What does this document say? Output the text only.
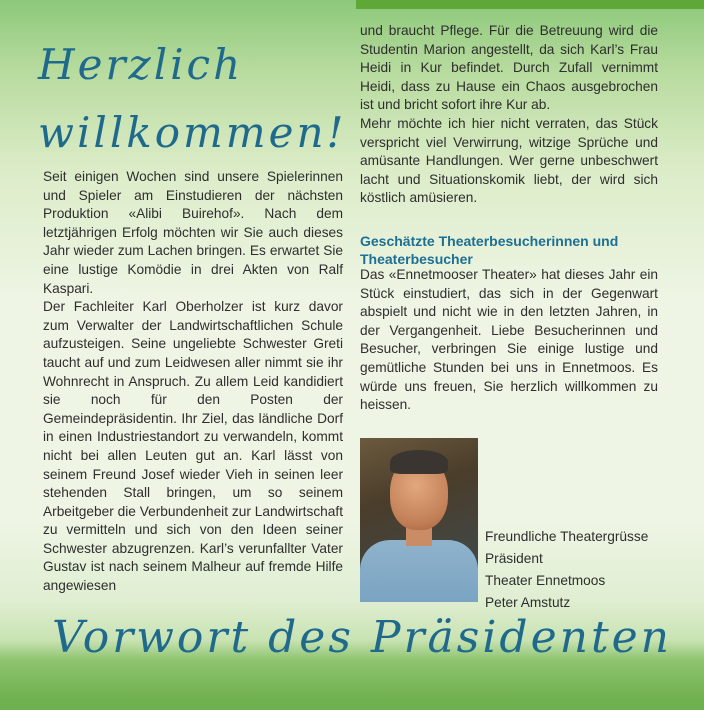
Herzlich
willkommen!

Seit einigen Wochen sind unsere Spielerinnen und Spieler am Einstudieren der nächsten Produktion «Alibi Buirehof». Nach dem letztjährigen Erfolg möchten wir Sie auch dieses Jahr wieder zum Lachen bringen. Es erwartet Sie eine lustige Komödie in drei Akten von Ralf Kaspari.

Der Fachleiter Karl Oberholzer ist kurz davor zum Verwalter der Landwirtschaftlichen Schule aufzusteigen. Seine ungeliebte Schwester Greti taucht auf und zum Leidwesen aller nimmt sie ihr Wohnrecht in Anspruch. Zu allem Leid kandidiert sie noch für den Posten der Gemeindepräsidentin. Ihr Ziel, das ländliche Dorf in einen Industriestandort zu verwandeln, kommt nicht bei allen Leuten gut an. Karl lässt von seinem Freund Josef wieder Vieh in seinen leer stehenden Stall bringen, um so seinem Arbeitgeber die Verbundenheit zur Landwirtschaft zu vermitteln und sich von den Ideen seiner Schwester abzugrenzen. Karl’s verunfallter Vater Gustav ist nach seinem Malheur auf fremde Hilfe angewiesen

und braucht Pflege. Für die Betreuung wird die Studentin Marion angestellt, da sich Karl’s Frau Heidi in Kur befindet. Durch Zufall vernimmt Heidi, dass zu Hause ein Chaos ausgebrochen ist und bricht sofort ihre Kur ab.

Mehr möchte ich hier nicht verraten, das Stück verspricht viel Verwirrung, witzige Sprüche und amüsante Handlungen. Wer gerne unbeschwert lacht und Situationskomik liebt, der wird sich köstlich amüsieren.

Geschätzte Theaterbesucherinnen und Theaterbesucher
Das «Ennetmooser Theater» hat dieses Jahr ein Stück einstudiert, das sich in der Gegenwart abspielt und nicht wie in den letzten Jahren, in der Vergangenheit. Liebe Besucherinnen und Besucher, verbringen Sie einige lustige und gemütliche Stunden bei uns in Ennetmoos. Es würde uns freuen, Sie herzlich willkommen zu heissen.
Freundliche Theatergrüsse
Präsident
Theater Ennetmoos
Peter Amstutz
Vorwort des Präsidenten
